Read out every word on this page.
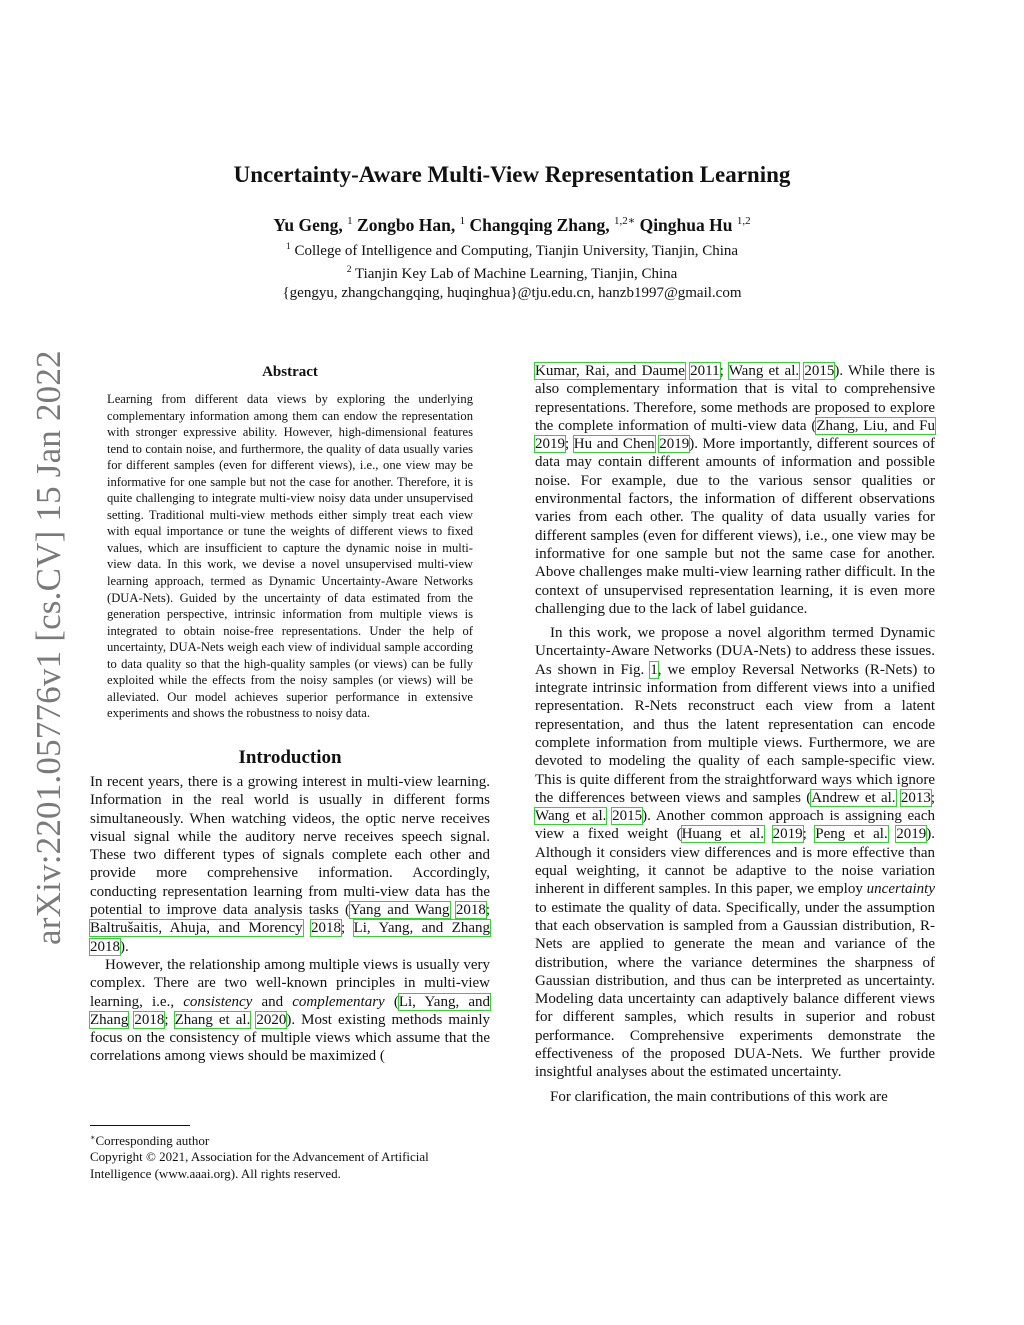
arXiv:2201.05776v1 [cs.CV] 15 Jan 2022
Uncertainty-Aware Multi-View Representation Learning
Yu Geng, $^1$ Zongbo Han, $^1$ Changqing Zhang, $^{1,2∗}$ Qinghua Hu $^{1,2}$
$^1$ College of Intelligence and Computing, Tianjin University, Tianjin, China
$^2$ Tianjin Key Lab of Machine Learning, Tianjin, China
{gengyu, zhangchangqing, huqinghua}@tju.edu.cn, hanzb1997@gmail.com
Abstract

Learning from different data views by exploring the underlying complementary information among them can endow the representation with stronger expressive ability. However, high-dimensional features tend to contain noise, and furthermore, the quality of data usually varies for different samples (even for different views), i.e., one view may be informative for one sample but not the case for another. Therefore, it is quite challenging to integrate multi-view noisy data under unsupervised setting. Traditional multi-view methods either simply treat each view with equal importance or tune the weights of different views to fixed values, which are insufficient to capture the dynamic noise in multi-view data. In this work, we devise a novel unsupervised multi-view learning approach, termed as Dynamic Uncertainty-Aware Networks (DUA-Nets). Guided by the uncertainty of data estimated from the generation perspective, intrinsic information from multiple views is integrated to obtain noise-free representations. Under the help of uncertainty, DUA-Nets weigh each view of individual sample according to data quality so that the high-quality samples (or views) can be fully exploited while the effects from the noisy samples (or views) will be alleviated. Our model achieves superior performance in extensive experiments and shows the robustness to noisy data.

Introduction

In recent years, there is a growing interest in multi-view learning. Information in the real world is usually in different forms simultaneously. When watching videos, the optic nerve receives visual signal while the auditory nerve receives speech signal. These two different types of signals complete each other and provide more comprehensive information. Accordingly, conducting representation learning from multi-view data has the potential to improve data analysis tasks (Yang and Wang 2018; Baltrušaitis, Ahuja, and Morency 2018; Li, Yang, and Zhang 2018).

However, the relationship among multiple views is usually very complex. There are two well-known principles in multi-view learning, i.e., consistency and complementary (Li, Yang, and Zhang 2018; Zhang et al. 2020). Most existing methods mainly focus on the consistency of multiple views which assume that the correlations among views should be maximized (

∗Corresponding author
Copyright © 2021, Association for the Advancement of Artificial Intelligence (www.aaai.org). All rights reserved.

Kumar, Rai, and Daume 2011; Wang et al. 2015). While there is also complementary information that is vital to comprehensive representations. Therefore, some methods are proposed to explore the complete information of multi-view data (Zhang, Liu, and Fu 2019; Hu and Chen 2019). More importantly, different sources of data may contain different amounts of information and possible noise. For example, due to the various sensor qualities or environmental factors, the information of different observations varies from each other. The quality of data usually varies for different samples (even for different views), i.e., one view may be informative for one sample but not the same case for another. Above challenges make multi-view learning rather difficult. In the context of unsupervised representation learning, it is even more challenging due to the lack of label guidance.

In this work, we propose a novel algorithm termed Dynamic Uncertainty-Aware Networks (DUA-Nets) to address these issues. As shown in Fig. 1, we employ Reversal Networks (R-Nets) to integrate intrinsic information from different views into a unified representation. R-Nets reconstruct each view from a latent representation, and thus the latent representation can encode complete information from multiple views. Furthermore, we are devoted to modeling the quality of each sample-specific view. This is quite different from the straightforward ways which ignore the differences between views and samples (Andrew et al. 2013; Wang et al. 2015). Another common approach is assigning each view a fixed weight (Huang et al. 2019; Peng et al. 2019). Although it considers view differences and is more effective than equal weighting, it cannot be adaptive to the noise variation inherent in different samples. In this paper, we employ uncertainty to estimate the quality of data. Specifically, under the assumption that each observation is sampled from a Gaussian distribution, R-Nets are applied to generate the mean and variance of the distribution, where the variance determines the sharpness of Gaussian distribution, and thus can be interpreted as uncertainty. Modeling data uncertainty can adaptively balance different views for different samples, which results in superior and robust performance. Comprehensive experiments demonstrate the effectiveness of the proposed DUA-Nets. We further provide insightful analyses about the estimated uncertainty.

For clarification, the main contributions of this work are
